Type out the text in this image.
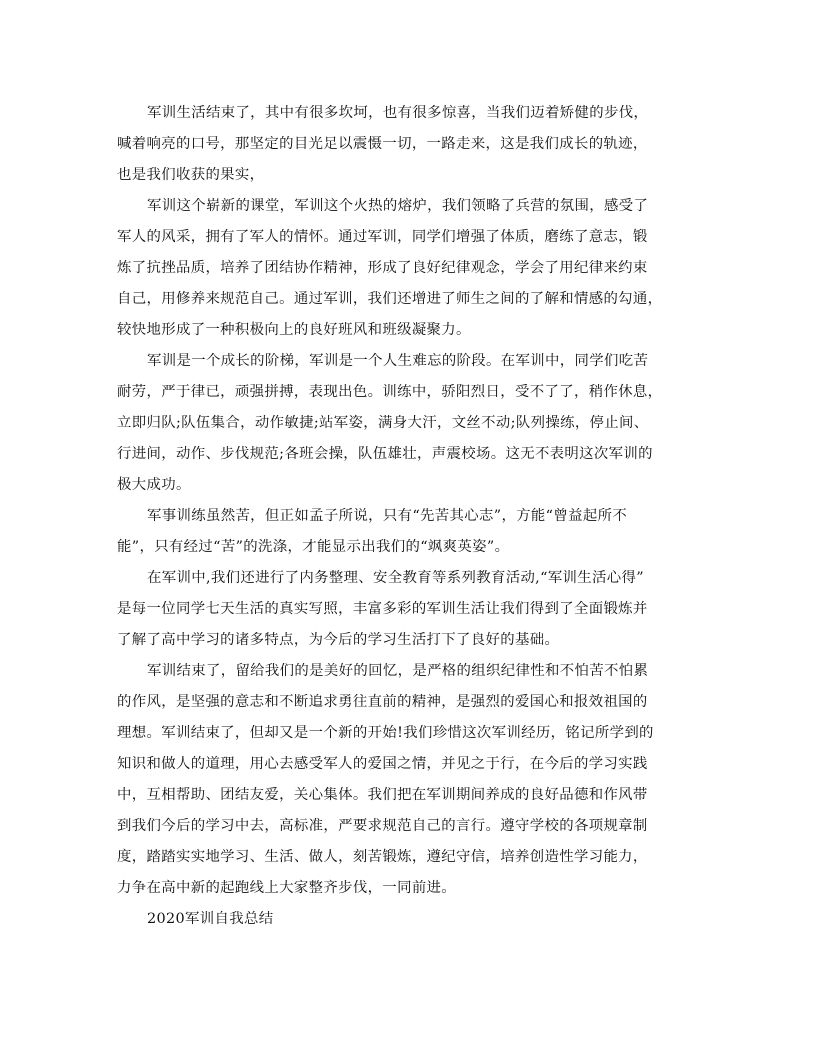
军训生活结束了，其中有很多坎坷，也有很多惊喜，当我们迈着矫健的步伐，
喊着响亮的口号，那坚定的目光足以震慑一切，一路走来，这是我们成长的轨迹，
也是我们收获的果实，

军训这个崭新的课堂，军训这个火热的熔炉，我们领略了兵营的氛围，感受了
军人的风采，拥有了军人的情怀。通过军训，同学们增强了体质，磨练了意志，锻
炼了抗挫品质，培养了团结协作精神，形成了良好纪律观念，学会了用纪律来约束
自己，用修养来规范自己。通过军训，我们还增进了师生之间的了解和情感的勾通，
较快地形成了一种积极向上的良好班风和班级凝聚力。

军训是一个成长的阶梯，军训是一个人生难忘的阶段。在军训中，同学们吃苦
耐劳，严于律已，顽强拼搏，表现出色。训练中，骄阳烈日，受不了了，稍作休息，
立即归队;队伍集合，动作敏捷;站军姿，满身大汗，文丝不动;队列操练，停止间、
行进间，动作、步伐规范;各班会操，队伍雄壮，声震校场。这无不表明这次军训的
极大成功。

军事训练虽然苦，但正如孟子所说，只有“先苦其心志”，方能“曾益起所不
能”，只有经过“苦”的洗涤，才能显示出我们的“飒爽英姿”。

在军训中,我们还进行了内务整理、安全教育等系列教育活动,“军训生活心得”
是每一位同学七天生活的真实写照，丰富多彩的军训生活让我们得到了全面锻炼并
了解了高中学习的诸多特点，为今后的学习生活打下了良好的基础。

军训结束了，留给我们的是美好的回忆，是严格的组织纪律性和不怕苦不怕累
的作风，是坚强的意志和不断追求勇往直前的精神，是强烈的爱国心和报效祖国的
理想。军训结束了，但却又是一个新的开始!我们珍惜这次军训经历，铭记所学到的
知识和做人的道理，用心去感受军人的爱国之情，并见之于行，在今后的学习实践
中，互相帮助、团结友爱，关心集体。我们把在军训期间养成的良好品德和作风带
到我们今后的学习中去，高标准，严要求规范自己的言行。遵守学校的各项规章制
度，踏踏实实地学习、生活、做人，刻苦锻炼，遵纪守信，培养创造性学习能力，
力争在高中新的起跑线上大家整齐步伐，一同前进。

2020军训自我总结
